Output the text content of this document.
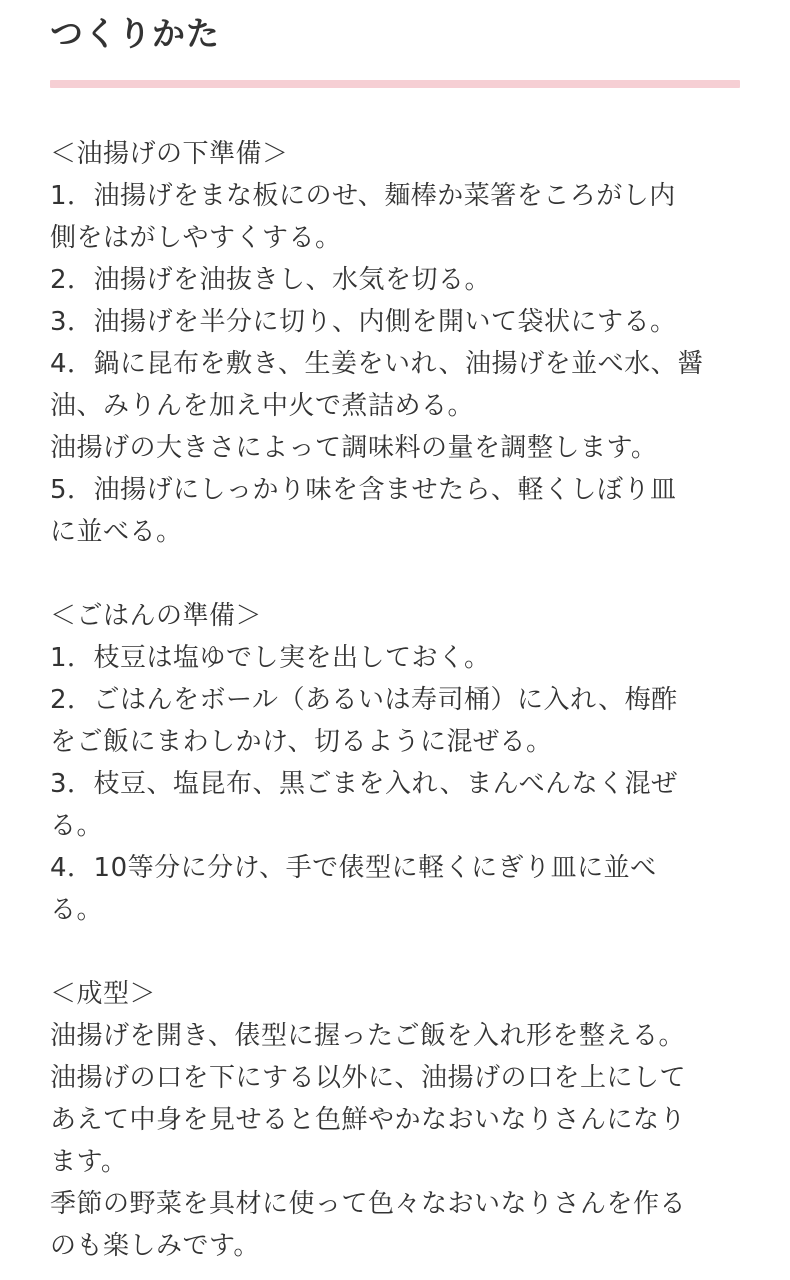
つくりかた
＜油揚げの下準備＞
1．油揚げをまな板にのせ、麺棒か菜箸をころがし内
側をはがしやすくする。
2．油揚げを油抜きし、水気を切る。
3．油揚げを半分に切り、内側を開いて袋状にする。
4．鍋に昆布を敷き、生姜をいれ、油揚げを並べ水、醤
油、みりんを加え中火で煮詰める。
油揚げの大きさによって調味料の量を調整します。
5．油揚げにしっかり味を含ませたら、軽くしぼり皿
に並べる。
＜ごはんの準備＞
1．枝豆は塩ゆでし実を出しておく。
2．ごはんをボール（あるいは寿司桶）に入れ、梅酢
をご飯にまわしかけ、切るように混ぜる。
3．枝豆、塩昆布、黒ごまを入れ、まんべんなく混ぜ
る。
4．10等分に分け、手で俵型に軽くにぎり皿に並べ
る。
＜成型＞
油揚げを開き、俵型に握ったご飯を入れ形を整える。
油揚げの口を下にする以外に、油揚げの口を上にして
あえて中身を見せると色鮮やかなおいなりさんになり
ます。
季節の野菜を具材に使って色々なおいなりさんを作る
のも楽しみです。
